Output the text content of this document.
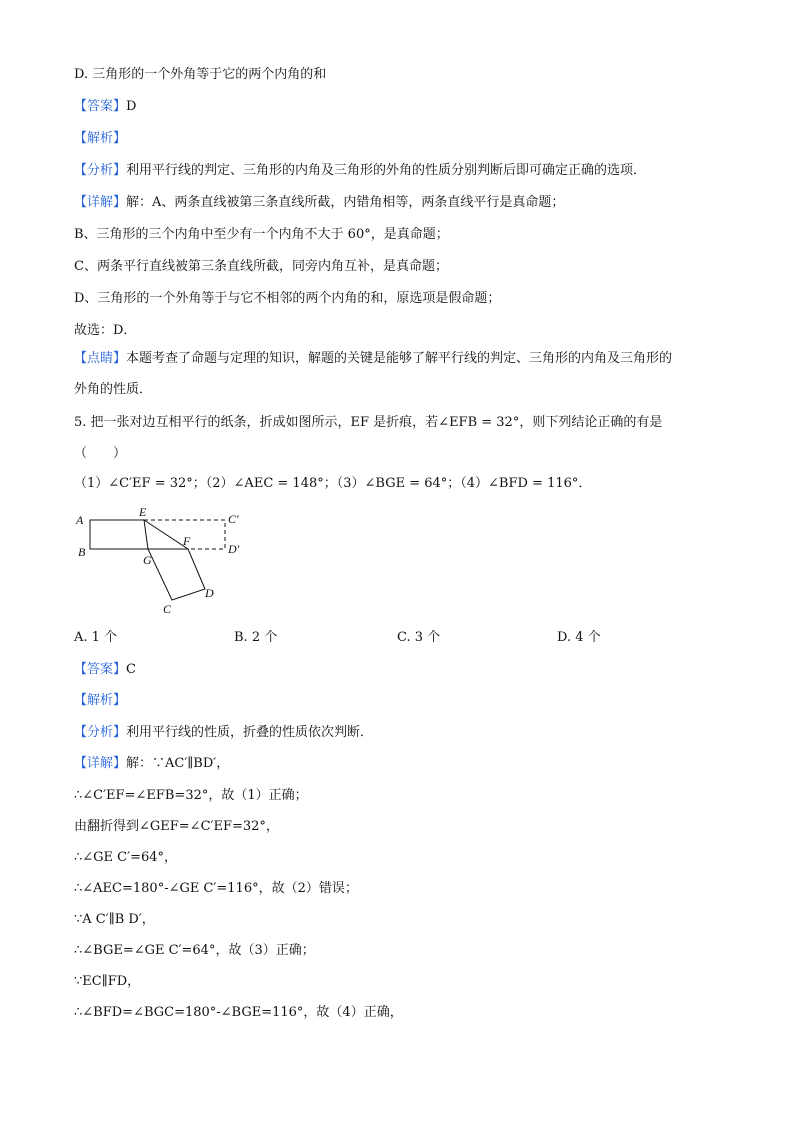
D. 三角形的一个外角等于它的两个内角的和
【答案】D
【解析】
【分析】利用平行线的判定、三角形的内角及三角形的外角的性质分别判断后即可确定正确的选项．
【详解】解：A、两条直线被第三条直线所截，内错角相等，两条直线平行是真命题；
B、三角形的三个内角中至少有一个内角不大于 60°，是真命题；
C、两条平行直线被第三条直线所截，同旁内角互补，是真命题；
D、三角形的一个外角等于与它不相邻的两个内角的和，原选项是假命题；
故选：D．
【点睛】本题考查了命题与定理的知识，解题的关键是能够了解平行线的判定、三角形的内角及三角形的
外角的性质．
5. 把一张对边互相平行的纸条，折成如图所示，EF 是折痕，若∠EFB = 32°，则下列结论正确的有是
（　　）
（1）∠C′EF = 32°；（2）∠AEC = 148°；（3）∠BGE = 64°；（4）∠BFD = 116°．
A
B
E
F
G
C
D
C′
D′
A. 1 个	B. 2 个	C. 3 个	D. 4 个
【答案】C
【解析】
【分析】利用平行线的性质，折叠的性质依次判断．
【详解】解：∵AC′∥BD′，
∴∠C′EF=∠EFB=32°，故（1）正确；
由翻折得到∠GEF=∠C′EF=32°，
∴∠GE C′=64°，
∴∠AEC=180°-∠GE C′=116°，故（2）错误；
∵A C′∥B D′，
∴∠BGE=∠GE C′=64°，故（3）正确；
∵EC∥FD，
∴∠BFD=∠BGC=180°-∠BGE=116°，故（4）正确，
